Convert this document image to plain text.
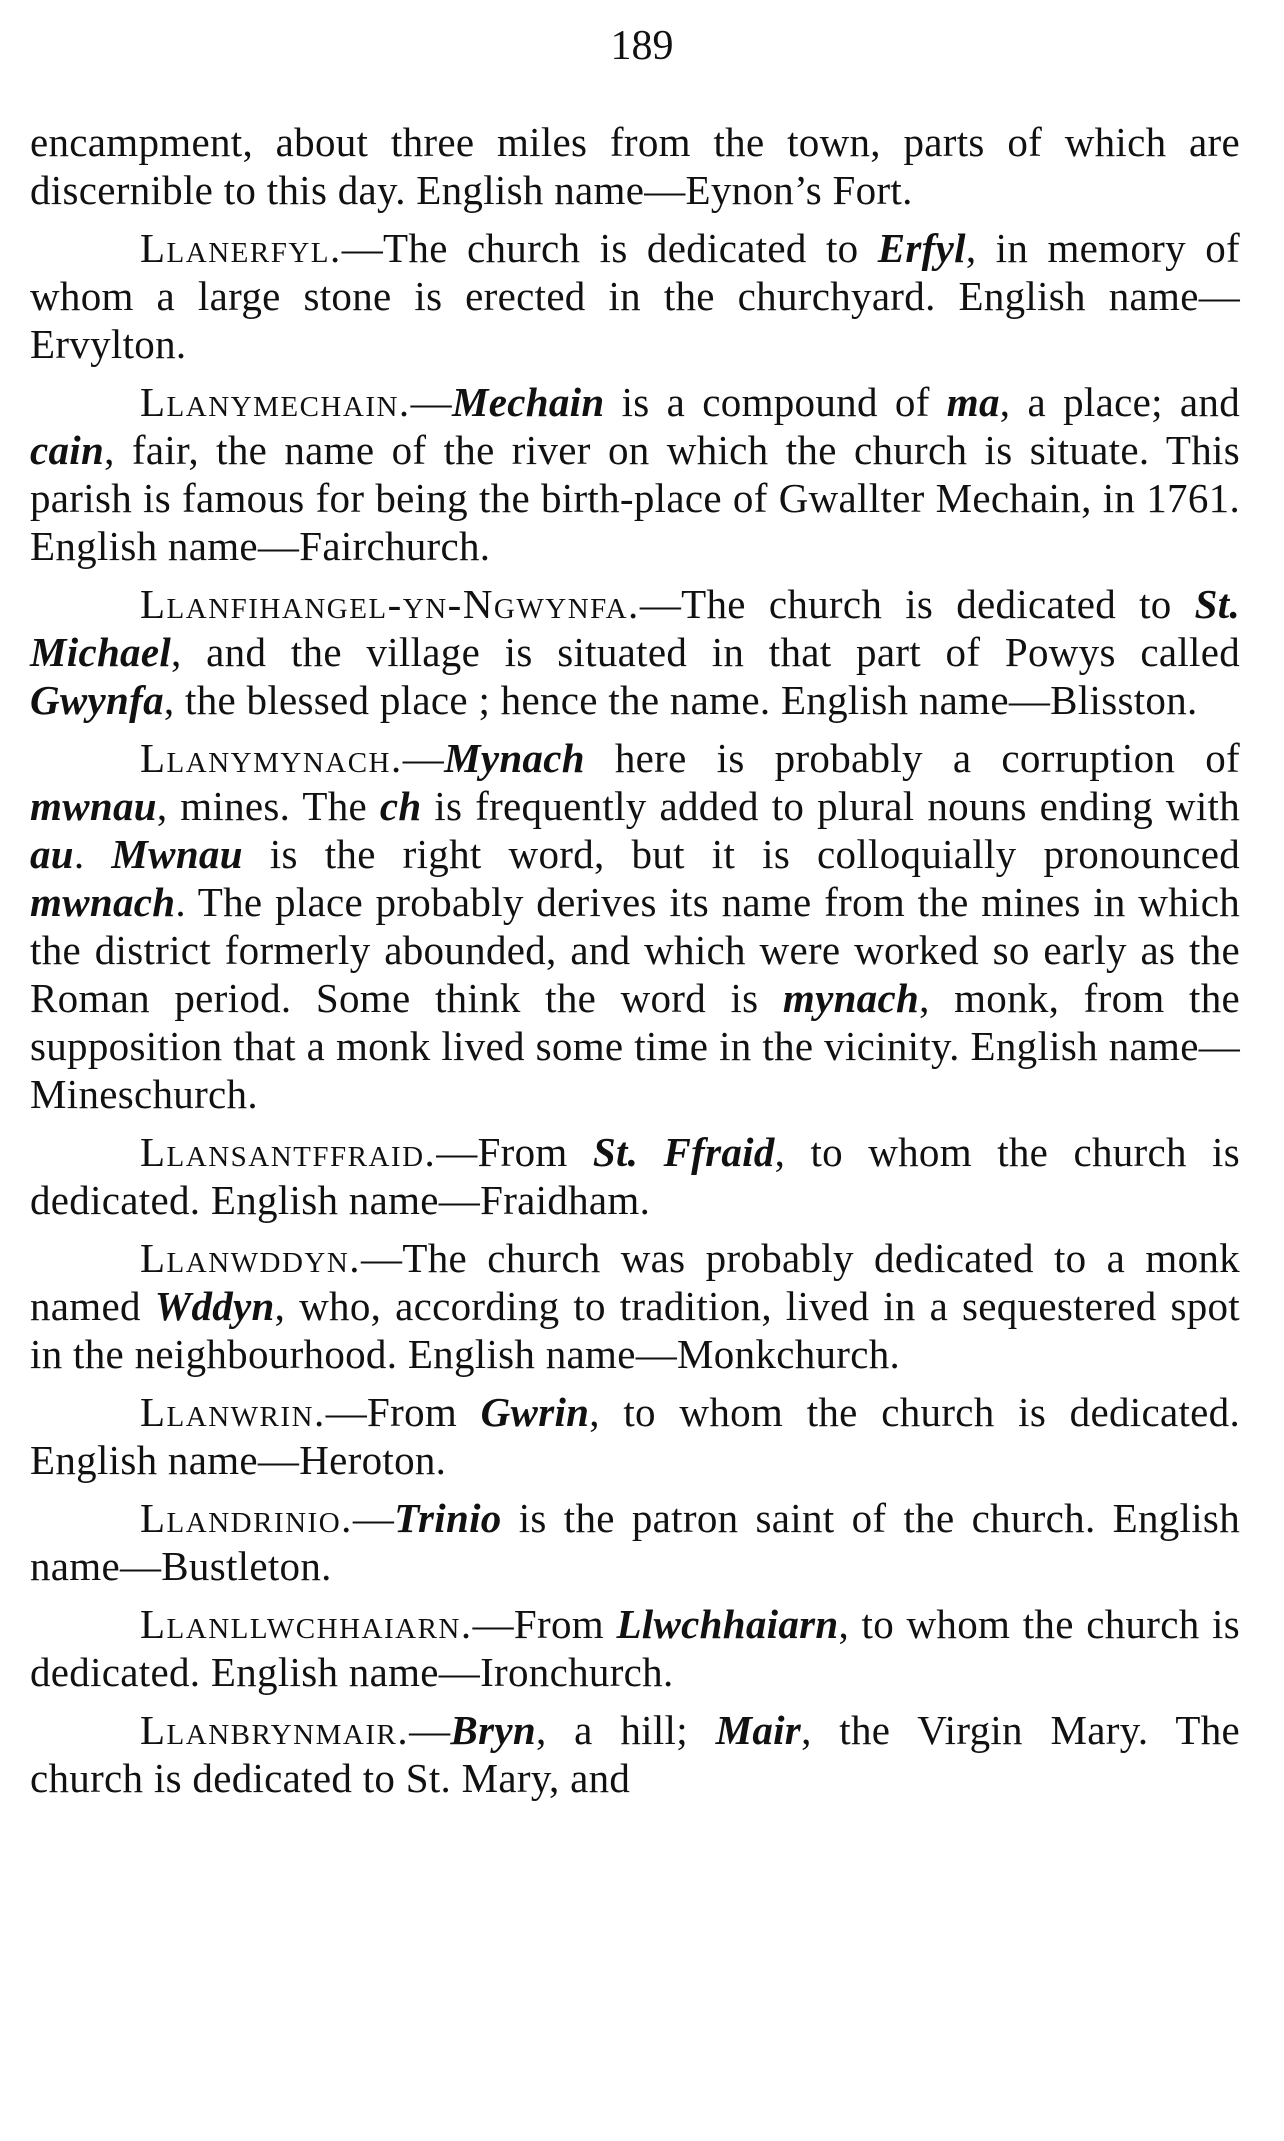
189

encampment, about three miles from the town, parts of which are discernible to this day. English name—Eynon’s Fort.

Llanerfyl.—The church is dedicated to Erfyl, in memory of whom a large stone is erected in the churchyard. English name—Ervylton.

Llanymechain.—Mechain is a compound of ma, a place; and cain, fair, the name of the river on which the church is situate. This parish is famous for being the birth-place of Gwallter Mechain, in 1761. English name—Fairchurch.

Llanfihangel-yn-Ngwynfa.—The church is dedicated to St. Michael, and the village is situated in that part of Powys called Gwynfa, the blessed place ; hence the name. English name—Blisston.

Llanymynach.—Mynach here is probably a corruption of mwnau, mines. The ch is frequently added to plural nouns ending with au. Mwnau is the right word, but it is colloquially pronounced mwnach. The place probably derives its name from the mines in which the district formerly abounded, and which were worked so early as the Roman period. Some think the word is mynach, monk, from the supposition that a monk lived some time in the vicinity. English name—Mineschurch.

Llansantffraid.—From St. Ffraid, to whom the church is dedicated. English name—Fraidham.

Llanwddyn.—The church was probably dedicated to a monk named Wddyn, who, according to tradition, lived in a sequestered spot in the neighbourhood. English name—Monkchurch.

Llanwrin.—From Gwrin, to whom the church is dedicated. English name—Heroton.

Llandrinio.—Trinio is the patron saint of the church. English name—Bustleton.

Llanllwchhaiarn.—From Llwchhaiarn, to whom the church is dedicated. English name—Ironchurch.

Llanbrynmair.—Bryn, a hill; Mair, the Virgin Mary. The church is dedicated to St. Mary, and
